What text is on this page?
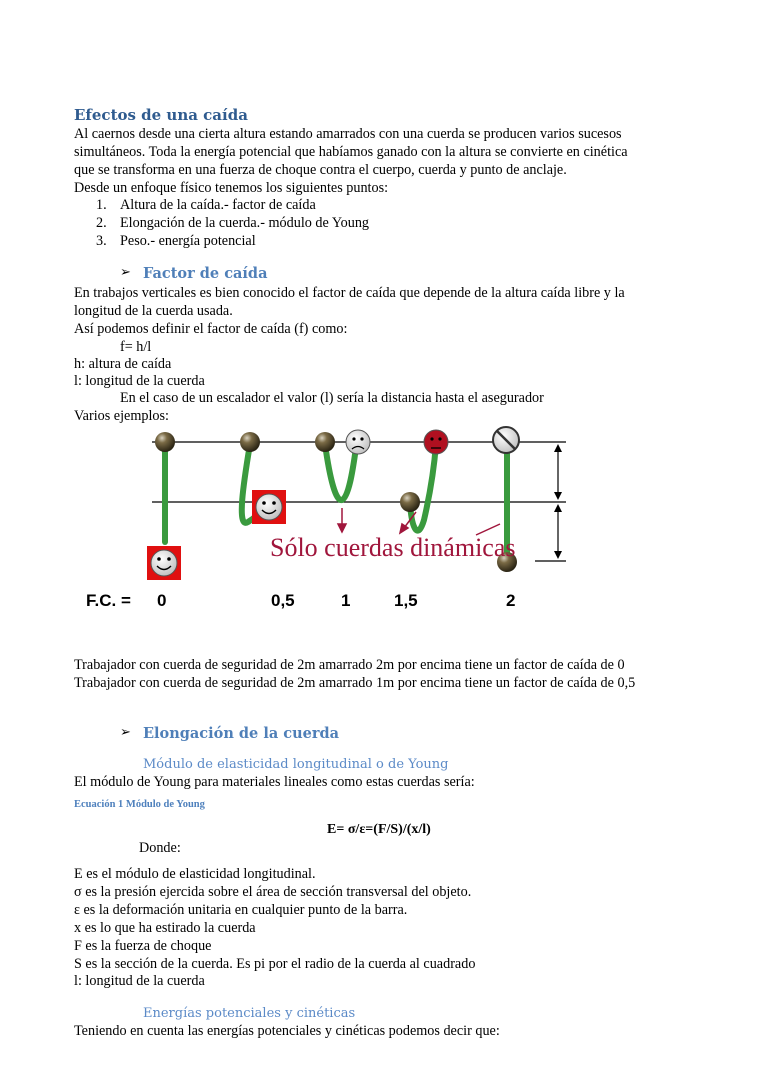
Efectos de una caída
Al caernos desde una cierta altura estando amarrados con una cuerda se producen varios sucesos
simultáneos. Toda la energía potencial que habíamos ganado con la altura se convierte en cinética
que se transforma en una fuerza de choque contra el cuerpo, cuerda y punto de anclaje.
Desde un enfoque físico tenemos los siguientes puntos:
1. Altura de la caída.- factor de caída
2. Elongación de la cuerda.- módulo de Young
3. Peso.- energía potencial
➢ Factor de caída
En trabajos verticales es bien conocido el factor de caída que depende de la altura caída libre y la
longitud de la cuerda usada.
Así podemos definir el factor de caída (f) como:
f= h/l
h: altura de caída
l: longitud de la cuerda
En el caso de un escalador el valor (l) sería la distancia hasta el asegurador
Varios ejemplos:
Sólo cuerdas dinámicas
F.C. = 0	0,5	1	1,5	2
Trabajador con cuerda de seguridad de 2m amarrado 2m por encima tiene un factor de caída de 0
Trabajador con cuerda de seguridad de 2m amarrado 1m por encima tiene un factor de caída de 0,5
➢ Elongación de la cuerda
Módulo de elasticidad longitudinal o de Young
El módulo de Young para materiales lineales como estas cuerdas sería:
Ecuación 1 Módulo de Young
E= σ/ε=(F/S)/(x/l)
Donde:
E es el módulo de elasticidad longitudinal.
σ es la presión ejercida sobre el área de sección transversal del objeto.
ε es la deformación unitaria en cualquier punto de la barra.
x es lo que ha estirado la cuerda
F es la fuerza de choque
S es la sección de la cuerda. Es pi por el radio de la cuerda al cuadrado
l: longitud de la cuerda
Energías potenciales y cinéticas
Teniendo en cuenta las energías potenciales y cinéticas podemos decir que:
